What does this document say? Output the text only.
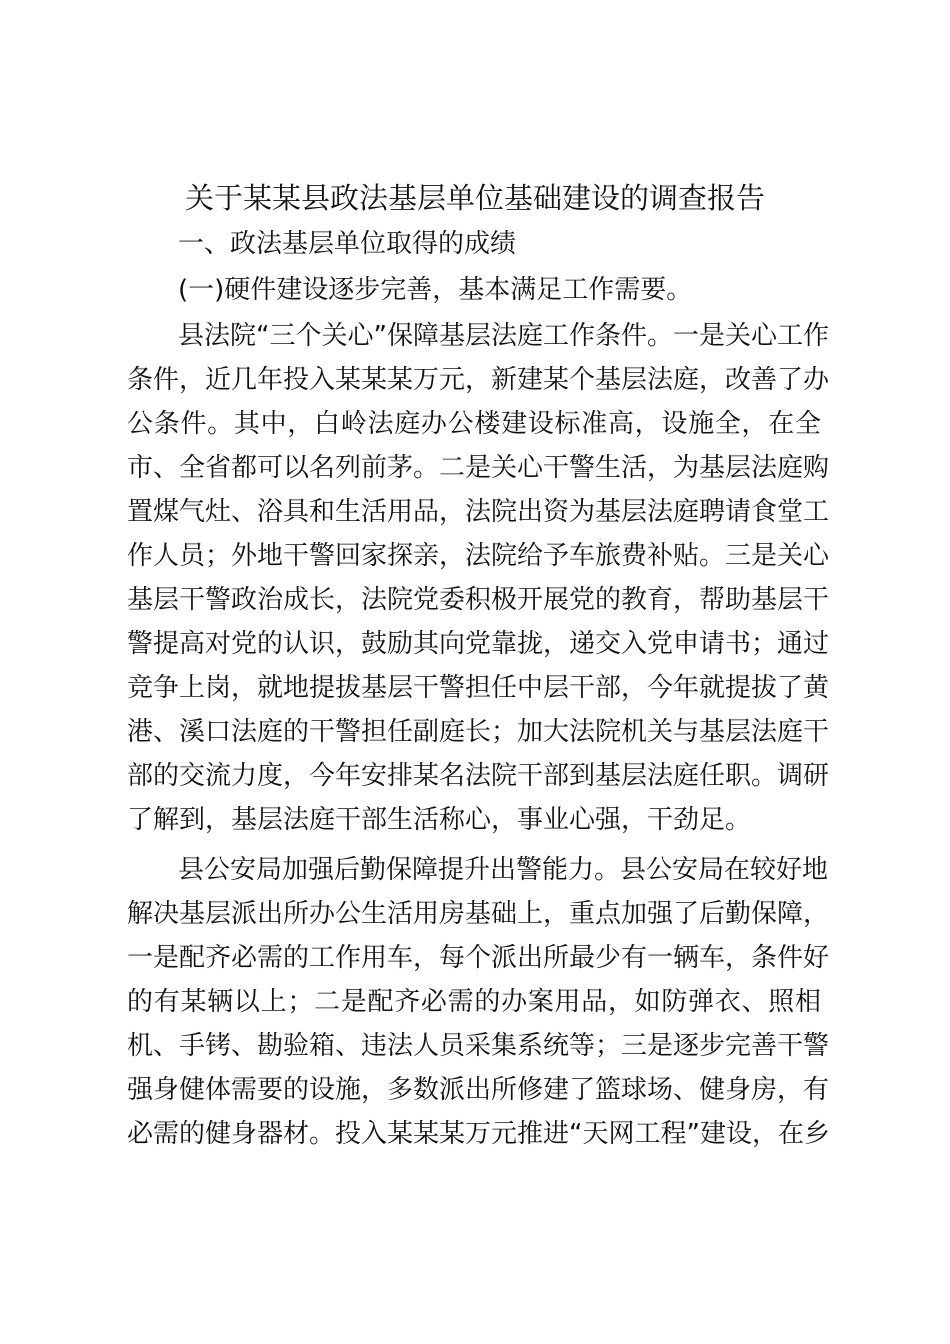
关于某某县政法基层单位基础建设的调查报告
一、政法基层单位取得的成绩
(一)硬件建设逐步完善，基本满足工作需要。
县法院“三个关心”保障基层法庭工作条件。一是关心工作
条件，近几年投入某某某万元，新建某个基层法庭，改善了办
公条件。其中，白岭法庭办公楼建设标准高，设施全，在全
市、全省都可以名列前茅。二是关心干警生活，为基层法庭购
置煤气灶、浴具和生活用品，法院出资为基层法庭聘请食堂工
作人员；外地干警回家探亲，法院给予车旅费补贴。三是关心
基层干警政治成长，法院党委积极开展党的教育，帮助基层干
警提高对党的认识，鼓励其向党靠拢，递交入党申请书；通过
竞争上岗，就地提拔基层干警担任中层干部，今年就提拔了黄
港、溪口法庭的干警担任副庭长；加大法院机关与基层法庭干
部的交流力度，今年安排某名法院干部到基层法庭任职。调研
了解到，基层法庭干部生活称心，事业心强，干劲足。
县公安局加强后勤保障提升出警能力。县公安局在较好地
解决基层派出所办公生活用房基础上，重点加强了后勤保障，
一是配齐必需的工作用车，每个派出所最少有一辆车，条件好
的有某辆以上；二是配齐必需的办案用品，如防弹衣、照相
机、手铐、勘验箱、违法人员采集系统等；三是逐步完善干警
强身健体需要的设施，多数派出所修建了篮球场、健身房，有
必需的健身器材。投入某某某万元推进“天网工程”建设，在乡
